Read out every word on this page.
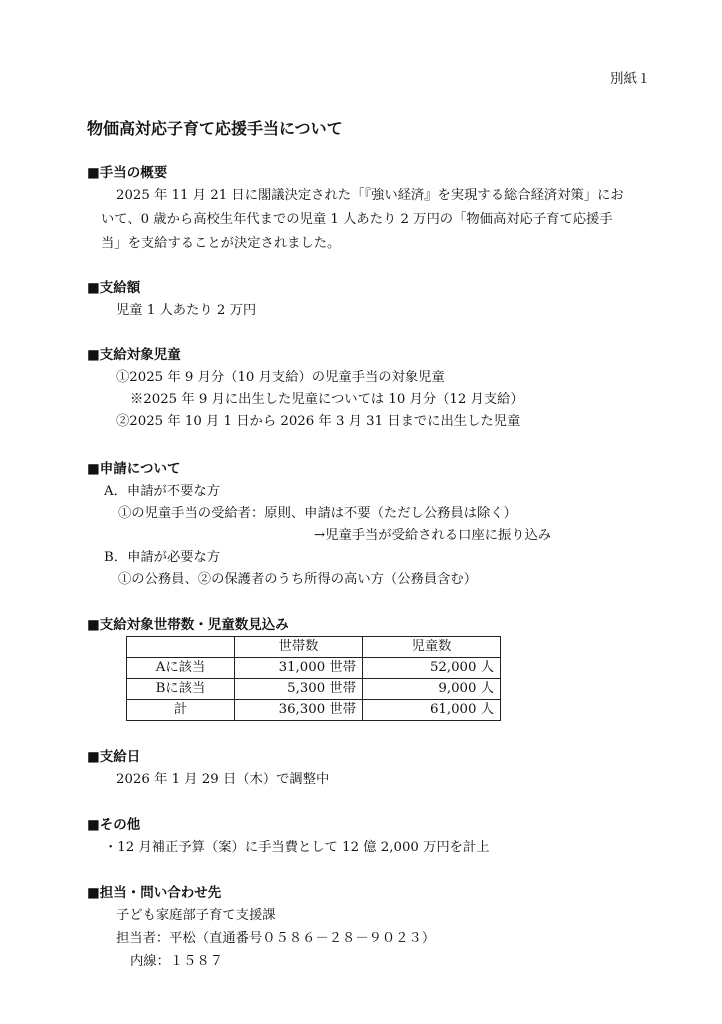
別紙１
物価高対応子育て応援手当について
■手当の概要
2025 年 11 月 21 日に閣議決定された「『強い経済』を実現する総合経済対策」にお
いて、0 歳から高校生年代までの児童 1 人あたり 2 万円の「物価高対応子育て応援手
当」を支給することが決定されました。
■支給額
児童 1 人あたり 2 万円
■支給対象児童
①2025 年 9 月分（10 月支給）の児童手当の対象児童
※2025 年 9 月に出生した児童については 10 月分（12 月支給）
②2025 年 10 月 1 日から 2026 年 3 月 31 日までに出生した児童
■申請について
A．申請が不要な方
①の児童手当の受給者：原則、申請は不要（ただし公務員は除く）
→児童手当が受給される口座に振り込み
B．申請が必要な方
①の公務員、②の保護者のうち所得の高い方（公務員含む）
■支給対象世帯数・児童数見込み
	世帯数	児童数
Aに該当	31,000 世帯	52,000 人
Bに該当	5,300 世帯	9,000 人
計	36,300 世帯	61,000 人
■支給日
2026 年 1 月 29 日（木）で調整中
■その他
・12 月補正予算（案）に手当費として 12 億 2,000 万円を計上
■担当・問い合わせ先
子ども家庭部子育て支援課
担当者：平松（直通番号０５８６－２８－９０２３）
内線：１５８７
